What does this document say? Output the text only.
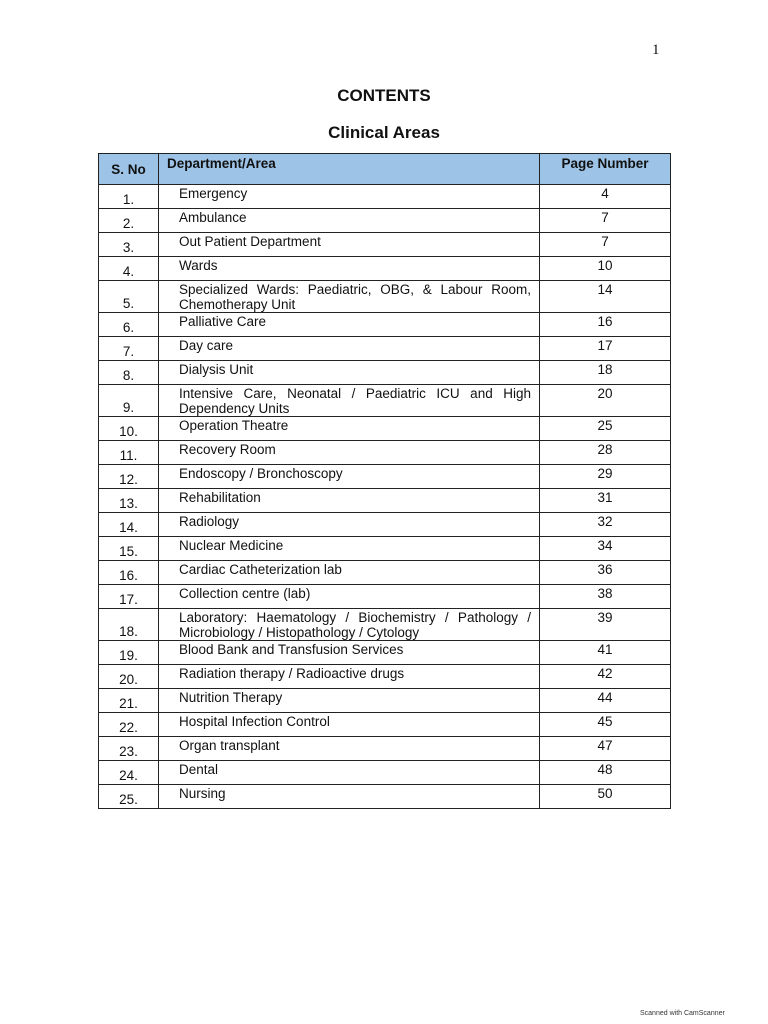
1
CONTENTS
Clinical Areas
S. No	Department/Area	Page Number
1.	Emergency	4
2.	Ambulance	7
3.	Out Patient Department	7
4.	Wards	10
5.	Specialized Wards: Paediatric, OBG, & Labour Room, Chemotherapy Unit	14
6.	Palliative Care	16
7.	Day care	17
8.	Dialysis Unit	18
9.	Intensive Care, Neonatal / Paediatric ICU and High Dependency Units	20
10.	Operation Theatre	25
11.	Recovery Room	28
12.	Endoscopy / Bronchoscopy	29
13.	Rehabilitation	31
14.	Radiology	32
15.	Nuclear Medicine	34
16.	Cardiac Catheterization lab	36
17.	Collection centre (lab)	38
18.	Laboratory: Haematology / Biochemistry / Pathology / Microbiology / Histopathology / Cytology	39
19.	Blood Bank and Transfusion Services	41
20.	Radiation therapy / Radioactive drugs	42
21.	Nutrition Therapy	44
22.	Hospital Infection Control	45
23.	Organ transplant	47
24.	Dental	48
25.	Nursing	50
Scanned with CamScanner
